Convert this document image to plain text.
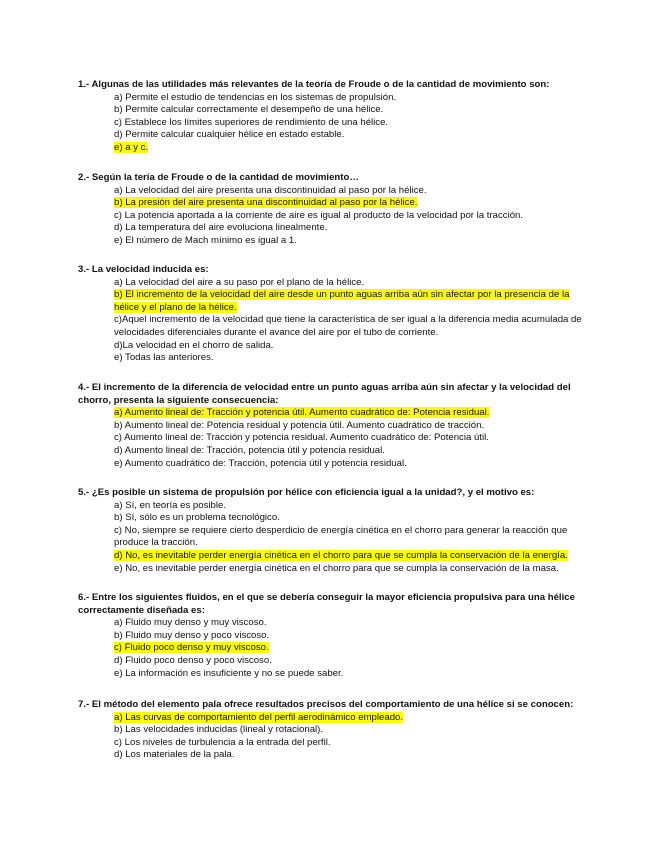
1.- Algunas de las utilidades más relevantes de la teoría de Froude o de la cantidad de movimiento son:
a) Permite el estudio de tendencias en los sistemas de propulsión.
b) Permite calcular correctamente el desempeño de una hélice.
c) Establece los límites superiores de rendimiento de una hélice.
d) Permite calcular cualquier hélice en estado estable.
e) a y c.
2.- Según la tería de Froude o de la cantidad de movimiento…
a) La velocidad del aire presenta una discontinuidad al paso por la hélice.
b) La presión del aire presenta una discontinuidad al paso por la hélice.
c) La potencia aportada a la corriente de aire es igual al producto de la velocidad por la tracción.
d) La temperatura del aire evoluciona linealmente.
e) El número de Mach mínimo es igual a 1.
3.- La velocidad inducida es:
a) La velocidad del aire a su paso por el plano de la hélice.
b) El incremento de la velocidad del aire desde un punto aguas arriba aún sin afectar por la presencia de la hélice y el plano de la hélice.
c)Aquel incremento de la velocidad que tiene la característica de ser igual a la diferencia media acumulada de velocidades diferenciales durante el avance del aire por el tubo de corriente.
d)La velocidad en el chorro de salida.
e) Todas las anteriores.
4.- El incremento de la diferencia de velocidad entre un punto aguas arriba aún sin afectar y la velocidad del chorro, presenta la siguiente consecuencia:
a) Aumento lineal de: Tracción y potencia útil. Aumento cuadrático de: Potencia residual.
b) Aumento lineal de: Potencia residual y potencia útil. Aumento cuadrático de tracción.
c) Aumento lineal de: Tracción y potencia residual. Aumento cuadrático de: Potencia útil.
d) Aumento lineal de: Tracción, potencia útil y potencia residual.
e) Aumento cuadrático de: Tracción, potencia útil y potencia residual.
5.- ¿Es posible un sistema de propulsión por hélice con eficiencia igual a la unidad?, y el motivo es:
a) Sí, en teoría es posible.
b) Sí, sólo es un problema tecnológico.
c) No, siempre se requiere cierto desperdicio de energía cinética en el chorro para generar la reacción que produce la tracción.
d) No, es inevitable perder energía cinética en el chorro para que se cumpla la conservación de la energía.
e) No, es inevitable perder energía cinética en el chorro para que se cumpla la conservación de la masa.
6.- Entre los siguientes fluidos, en el que se debería conseguir la mayor eficiencia propulsiva para una hélice correctamente diseñada es:
a) Fluido muy denso y muy viscoso.
b) Fluido muy denso y poco viscoso.
c) Fluido poco denso y muy viscoso.
d) Fluido poco denso y poco viscoso.
e) La información es insuficiente y no se puede saber.
7.- El método del elemento pala ofrece resultados precisos del comportamiento de una hélice si se conocen:
a) Las curvas de comportamiento del perfil aerodinámico empleado.
b) Las velocidades inducidas (lineal y rotacional).
c) Los niveles de turbulencia a la entrada del perfil.
d) Los materiales de la pala.
